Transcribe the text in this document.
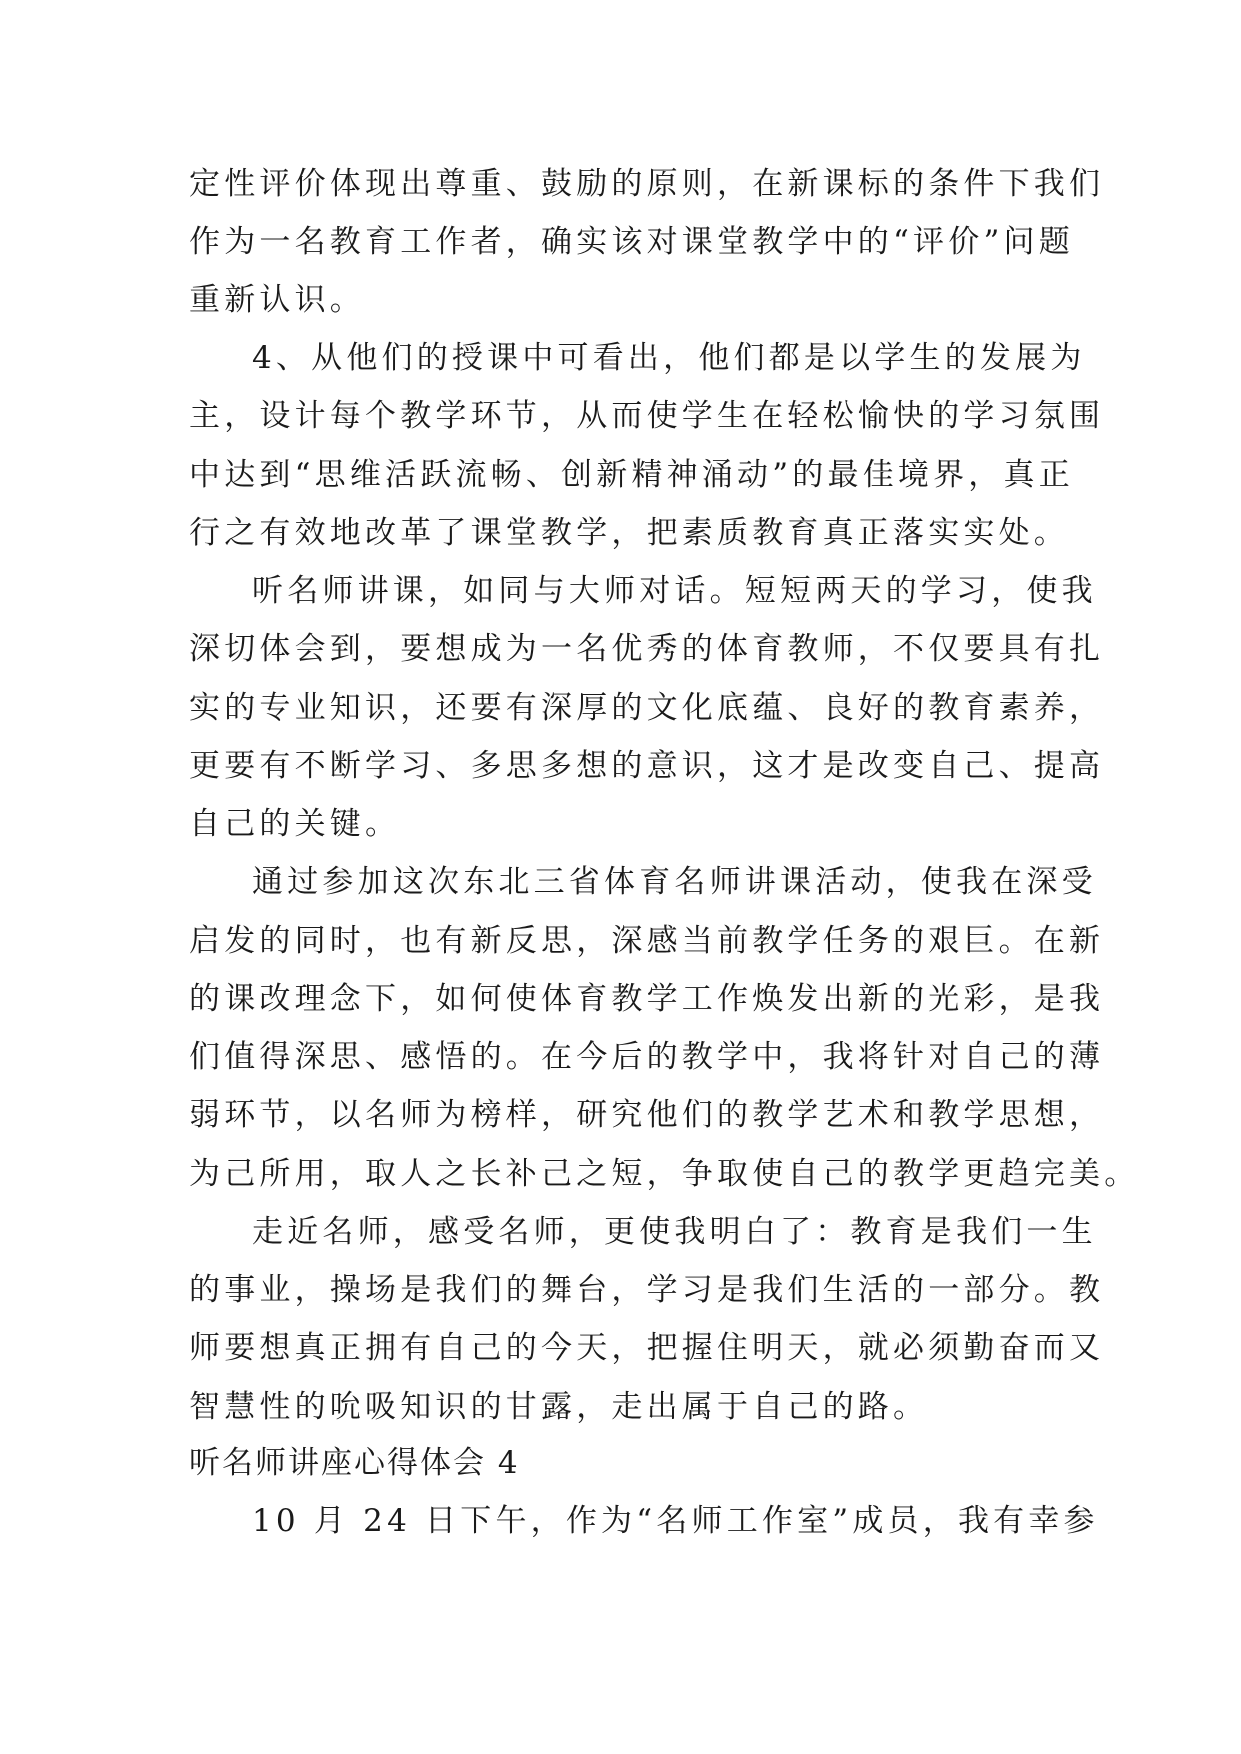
定性评价体现出尊重、鼓励的原则，在新课标的条件下我们
作为一名教育工作者，确实该对课堂教学中的“评价”问题
重新认识。
4、从他们的授课中可看出，他们都是以学生的发展为
主，设计每个教学环节，从而使学生在轻松愉快的学习氛围
中达到“思维活跃流畅、创新精神涌动”的最佳境界，真正
行之有效地改革了课堂教学，把素质教育真正落实实处。
听名师讲课，如同与大师对话。短短两天的学习，使我
深切体会到，要想成为一名优秀的体育教师，不仅要具有扎
实的专业知识，还要有深厚的文化底蕴、良好的教育素养，
更要有不断学习、多思多想的意识，这才是改变自己、提高
自己的关键。
通过参加这次东北三省体育名师讲课活动，使我在深受
启发的同时，也有新反思，深感当前教学任务的艰巨。在新
的课改理念下，如何使体育教学工作焕发出新的光彩，是我
们值得深思、感悟的。在今后的教学中，我将针对自己的薄
弱环节，以名师为榜样，研究他们的教学艺术和教学思想，
为己所用，取人之长补己之短，争取使自己的教学更趋完美。
走近名师，感受名师，更使我明白了：教育是我们一生
的事业，操场是我们的舞台，学习是我们生活的一部分。教
师要想真正拥有自己的今天，把握住明天，就必须勤奋而又
智慧性的吮吸知识的甘露，走出属于自己的路。
听名师讲座心得体会 4
10 月 24 日下午，作为“名师工作室”成员，我有幸参
